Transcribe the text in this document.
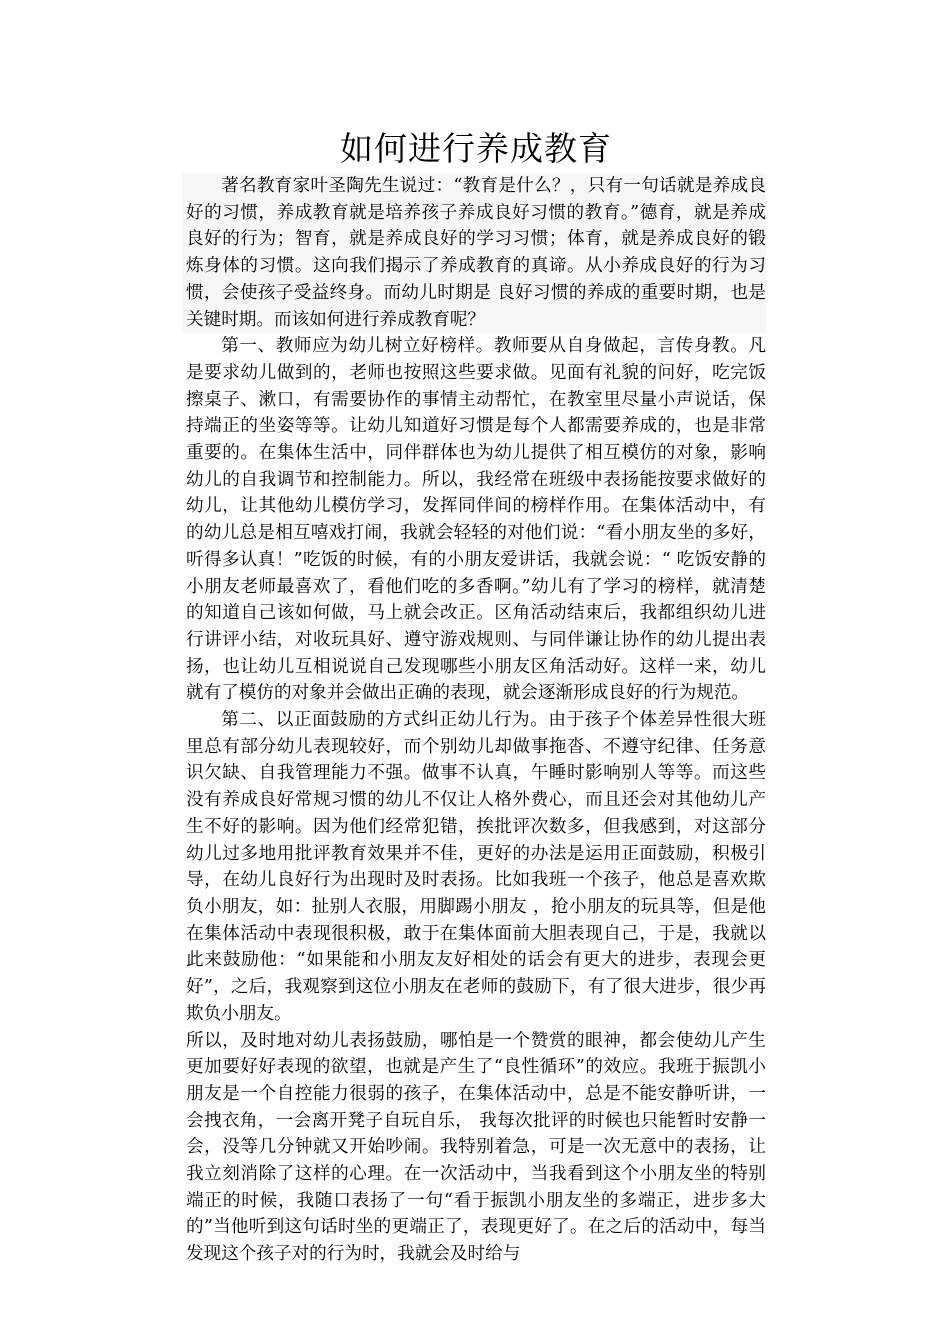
如何进行养成教育

著名教育家叶圣陶先生说过：“教育是什么？，只有一句话就是养成良好的习惯，养成教育就是培养孩子养成良好习惯的教育。”德育，就是养成良好的行为；智育，就是养成良好的学习习惯；体育，就是养成良好的锻炼身体的习惯。这向我们揭示了养成教育的真谛。从小养成良好的行为习惯，会使孩子受益终身。而幼儿时期是 良好习惯的养成的重要时期，也是关键时期。而该如何进行养成教育呢？

第一、教师应为幼儿树立好榜样。教师要从自身做起，言传身教。凡是要求幼儿做到的，老师也按照这些要求做。见面有礼貌的问好，吃完饭擦桌子、漱口，有需要协作的事情主动帮忙，在教室里尽量小声说话，保持端正的坐姿等等。让幼儿知道好习惯是每个人都需要养成的，也是非常重要的。在集体生活中，同伴群体也为幼儿提供了相互模仿的对象，影响幼儿的自我调节和控制能力。所以，我经常在班级中表扬能按要求做好的幼儿，让其他幼儿模仿学习，发挥同伴间的榜样作用。在集体活动中，有的幼儿总是相互嘻戏打闹，我就会轻轻的对他们说：“看小朋友坐的多好，听得多认真！”吃饭的时候，有的小朋友爱讲话，我就会说：“ 吃饭安静的小朋友老师最喜欢了，看他们吃的多香啊。”幼儿有了学习的榜样，就清楚的知道自己该如何做，马上就会改正。区角活动结束后，我都组织幼儿进行讲评小结，对收玩具好、遵守游戏规则、与同伴谦让协作的幼儿提出表扬，也让幼儿互相说说自己发现哪些小朋友区角活动好。这样一来，幼儿就有了模仿的对象并会做出正确的表现，就会逐渐形成良好的行为规范。

第二、以正面鼓励的方式纠正幼儿行为。由于孩子个体差异性很大班里总有部分幼儿表现较好，而个别幼儿却做事拖沓、不遵守纪律、任务意识欠缺、自我管理能力不强。做事不认真，午睡时影响别人等等。而这些没有养成良好常规习惯的幼儿不仅让人格外费心，而且还会对其他幼儿产生不好的影响。因为他们经常犯错，挨批评次数多，但我感到，对这部分幼儿过多地用批评教育效果并不佳，更好的办法是运用正面鼓励，积极引导，在幼儿良好行为出现时及时表扬。比如我班一个孩子，他总是喜欢欺负小朋友，如：扯别人衣服，用脚踢小朋友 ，抢小朋友的玩具等，但是他在集体活动中表现很积极，敢于在集体面前大胆表现自己，于是，我就以此来鼓励他：“如果能和小朋友友好相处的话会有更大的进步，表现会更好”，之后，我观察到这位小朋友在老师的鼓励下，有了很大进步，很少再欺负小朋友。

所以，及时地对幼儿表扬鼓励，哪怕是一个赞赏的眼神，都会使幼儿产生更加要好好表现的欲望，也就是产生了“良性循环”的效应。我班于振凯小朋友是一个自控能力很弱的孩子，在集体活动中，总是不能安静听讲，一会拽衣角，一会离开凳子自玩自乐， 我每次批评的时候也只能暂时安静一会，没等几分钟就又开始吵闹。我特别着急，可是一次无意中的表扬，让我立刻消除了这样的心理。在一次活动中，当我看到这个小朋友坐的特别端正的时候，我随口表扬了一句“看于振凯小朋友坐的多端正，进步多大的”当他听到这句话时坐的更端正了，表现更好了。在之后的活动中，每当发现这个孩子对的行为时，我就会及时给与
